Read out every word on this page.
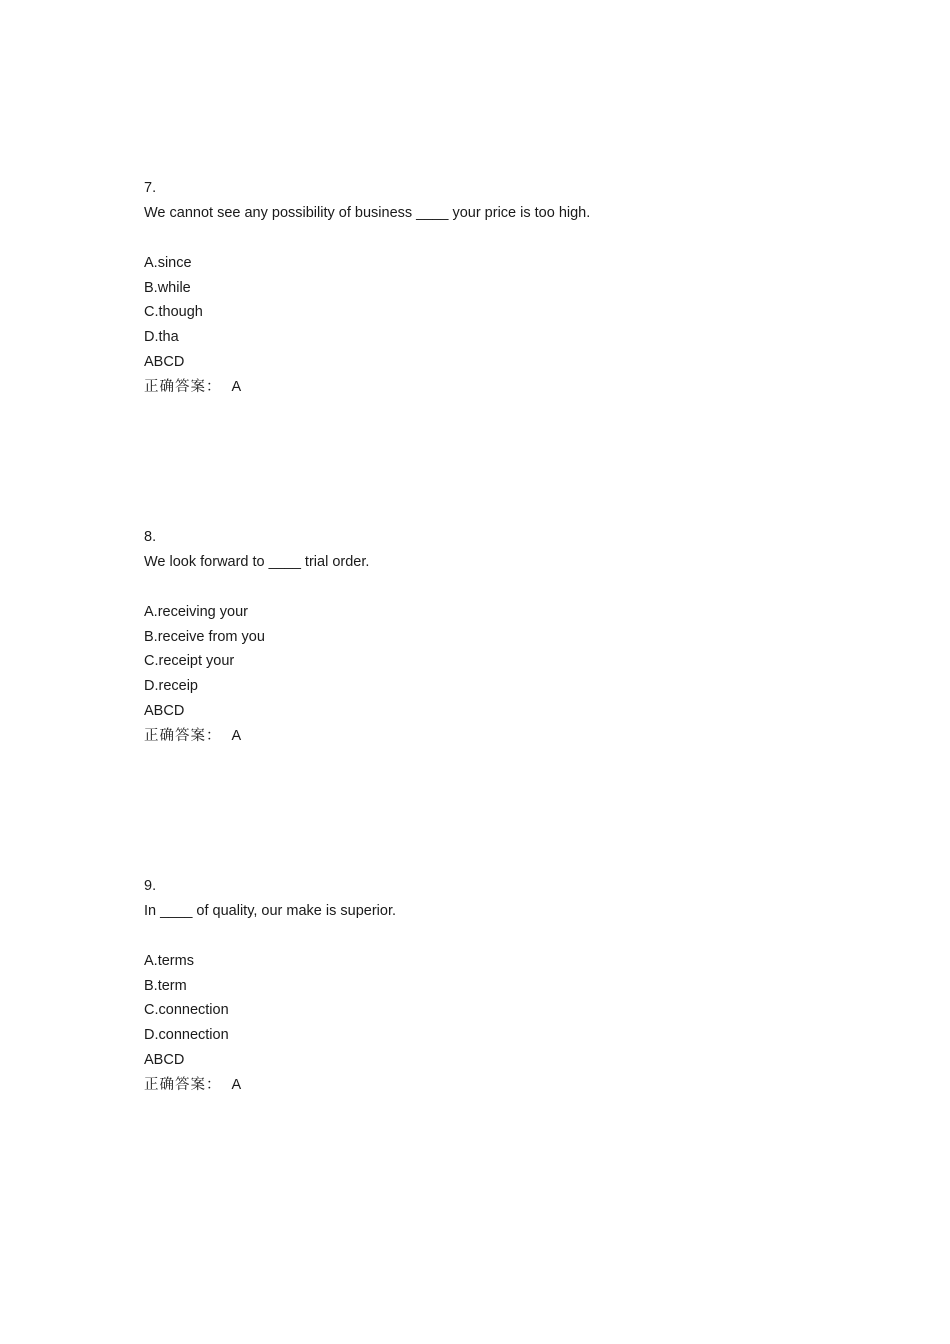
7.
We cannot see any possibility of business ____ your price is too high.
A.since
B.while
C.though
D.tha
ABCD
正确答案： A
8.
We look forward to ____ trial order.
A.receiving your
B.receive from you
C.receipt your
D.receip
ABCD
正确答案： A
9.
In ____ of quality, our make is superior.
A.terms
B.term
C.connection
D.connection
ABCD
正确答案： A
